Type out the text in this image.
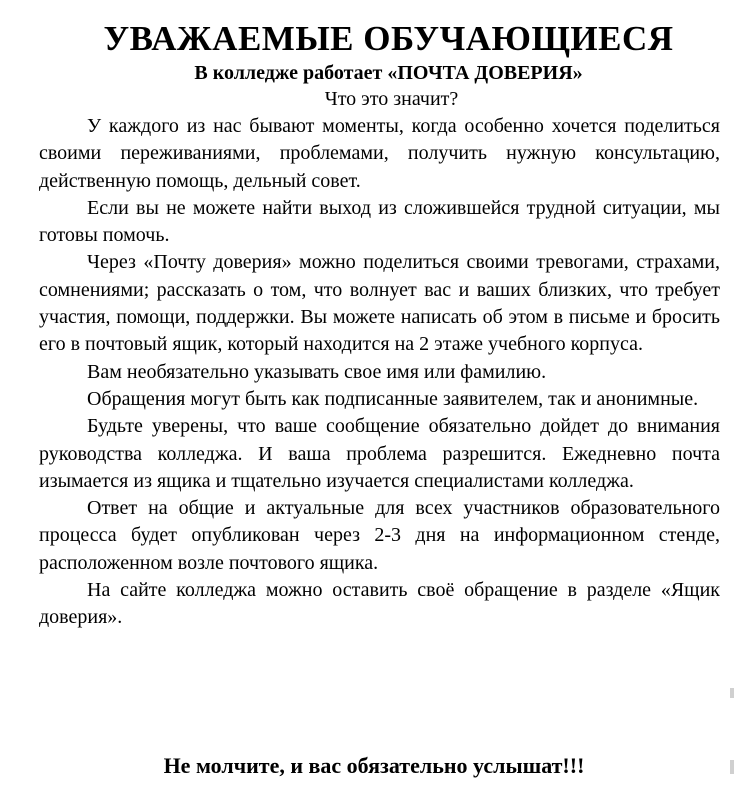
УВАЖАЕМЫЕ ОБУЧАЮЩИЕСЯ
В колледже работает «ПОЧТА ДОВЕРИЯ»
Что это значит?

У каждого из нас бывают моменты, когда особенно хочется поделиться своими переживаниями, проблемами, получить нужную консультацию, действенную помощь, дельный совет.

Если вы не можете найти выход из сложившейся трудной ситуации, мы готовы помочь.

Через «Почту доверия» можно поделиться своими тревогами, страхами, сомнениями; рассказать о том, что волнует вас и ваших близких, что требует участия, помощи, поддержки. Вы можете написать об этом в письме и бросить его в почтовый ящик, который находится на 2 этаже учебного корпуса.

Вам необязательно указывать свое имя или фамилию.

Обращения могут быть как подписанные заявителем, так и анонимные.

Будьте уверены, что ваше сообщение обязательно дойдет до внимания руководства колледжа. И ваша проблема разрешится. Ежедневно почта изымается из ящика и тщательно изучается специалистами колледжа.

Ответ на общие и актуальные для всех участников образовательного процесса будет опубликован через 2-3 дня на информационном стенде, расположенном возле почтового ящика.

На сайте колледжа можно оставить своё обращение в разделе «Ящик доверия».

Не молчите, и вас обязательно услышат!!!
